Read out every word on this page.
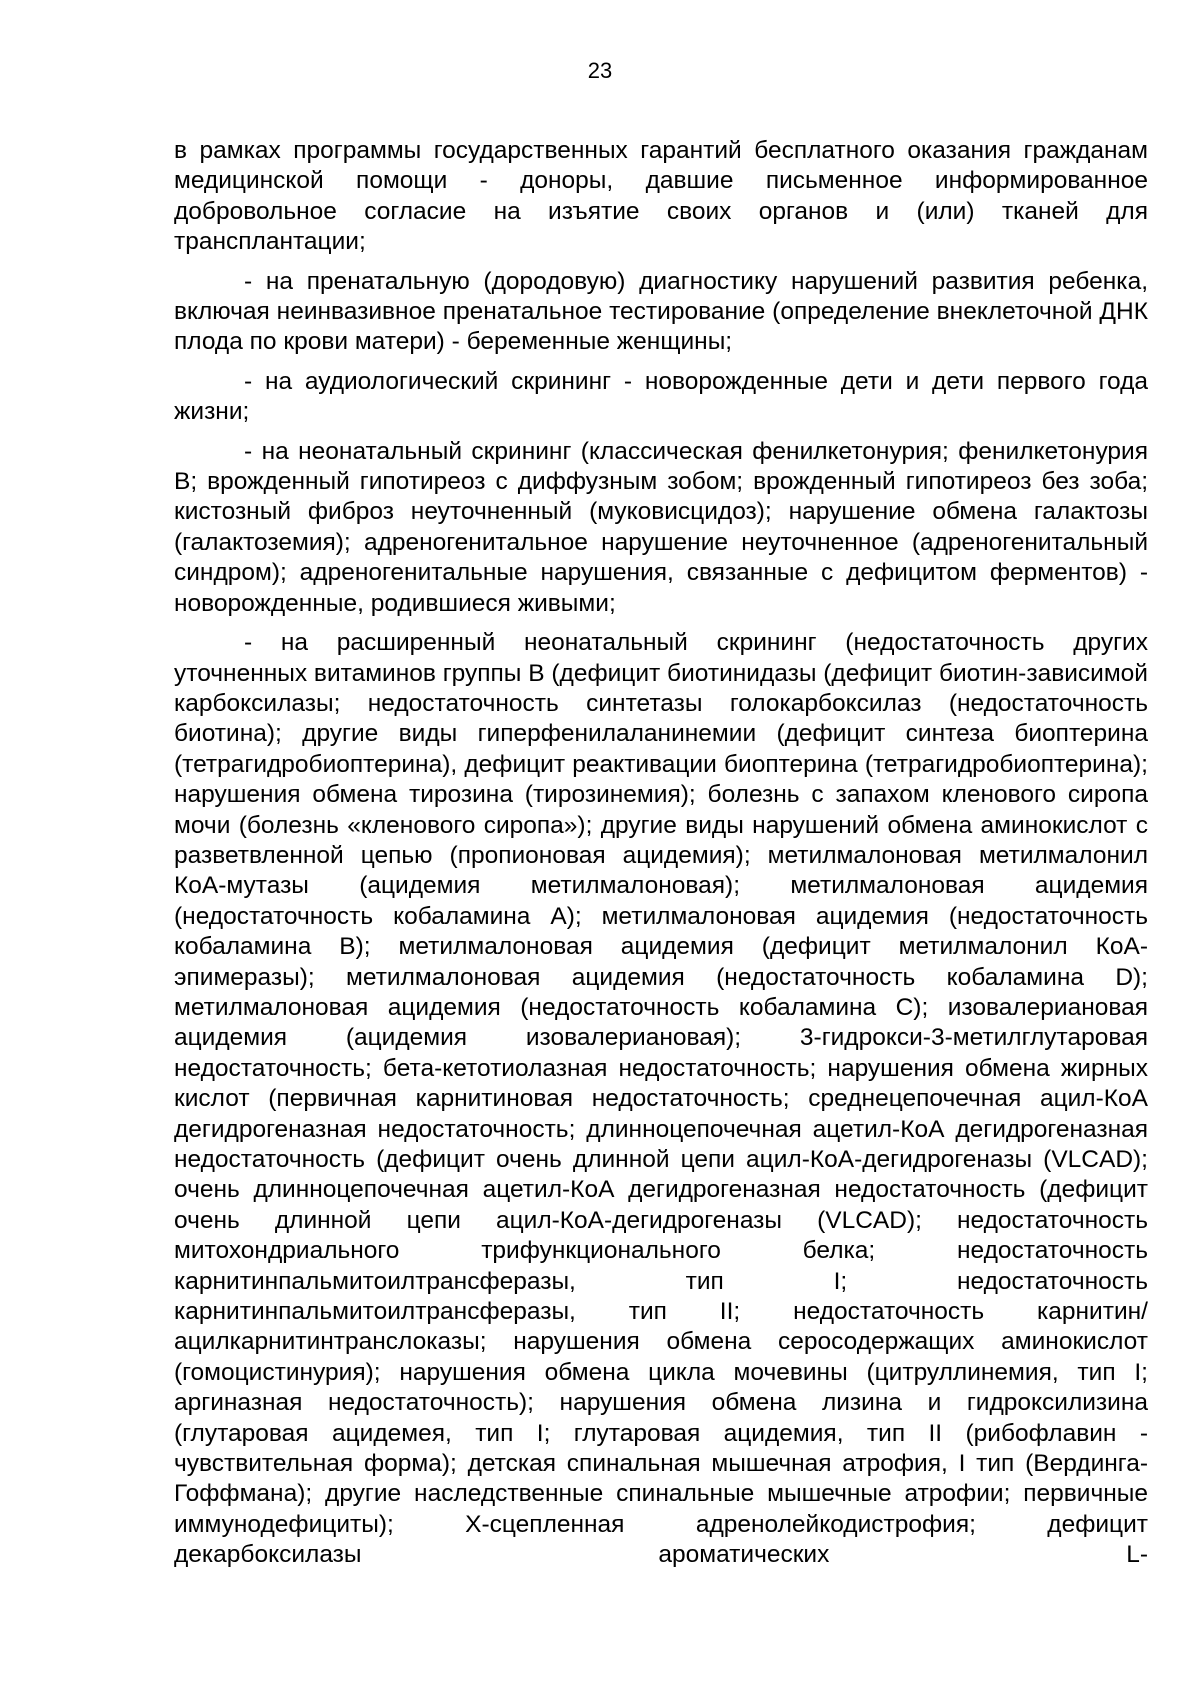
23

в рамках программы государственных гарантий бесплатного оказания гражданам медицинской помощи - доноры, давшие письменное информированное добровольное согласие на изъятие своих органов и (или) тканей для трансплантации;

- на пренатальную (дородовую) диагностику нарушений развития ребенка, включая неинвазивное пренатальное тестирование (определение внеклеточной ДНК плода по крови матери) - беременные женщины;

- на аудиологический скрининг - новорожденные дети и дети первого года жизни;

- на неонатальный скрининг (классическая фенилкетонурия; фенилкетонурия B; врожденный гипотиреоз с диффузным зобом; врожденный гипотиреоз без зоба; кистозный фиброз неуточненный (муковисцидоз); нарушение обмена галактозы (галактоземия); адреногенитальное нарушение неуточненное (адреногенитальный синдром); адреногенитальные нарушения, связанные с дефицитом ферментов) - новорожденные, родившиеся живыми;

- на расширенный неонатальный скрининг (недостаточность других уточненных витаминов группы B (дефицит биотинидазы (дефицит биотин-зависимой карбоксилазы; недостаточность синтетазы голокарбоксилаз (недостаточность биотина); другие виды гиперфенилаланинемии (дефицит синтеза биоптерина (тетрагидробиоптерина), дефицит реактивации биоптерина (тетрагидробиоптерина); нарушения обмена тирозина (тирозинемия); болезнь с запахом кленового сиропа мочи (болезнь «кленового сиропа»); другие виды нарушений обмена аминокислот с разветвленной цепью (пропионовая ацидемия); метилмалоновая метилмалонил КоА-мутазы (ацидемия метилмалоновая); метилмалоновая ацидемия (недостаточность кобаламина A); метилмалоновая ацидемия (недостаточность кобаламина B); метилмалоновая ацидемия (дефицит метилмалонил КоА-эпимеразы); метилмалоновая ацидемия (недостаточность кобаламина D); метилмалоновая ацидемия (недостаточность кобаламина C); изовалериановая ацидемия (ацидемия изовалериановая); 3-гидрокси-3-метилглутаровая недостаточность; бета-кетотиолазная недостаточность; нарушения обмена жирных кислот (первичная карнитиновая недостаточность; среднецепочечная ацил-КоА дегидрогеназная недостаточность; длинноцепочечная ацетил-КоА дегидрогеназная недостаточность (дефицит очень длинной цепи ацил-КоА-дегидрогеназы (VLCAD); очень длинноцепочечная ацетил-КоА дегидрогеназная недостаточность (дефицит очень длинной цепи ацил-КоА-дегидрогеназы (VLCAD); недостаточность митохондриального трифункционального белка; недостаточность карнитинпальмитоилтрансферазы, тип I; недостаточность карнитинпальмитоилтрансферазы, тип II; недостаточность карнитин/ацилкарнитинтранслоказы; нарушения обмена серосодержащих аминокислот (гомоцистинурия); нарушения обмена цикла мочевины (цитруллинемия, тип I; аргиназная недостаточность); нарушения обмена лизина и гидроксилизина (глутаровая ацидемея, тип I; глутаровая ацидемия, тип II (рибофлавин - чувствительная форма); детская спинальная мышечная атрофия, I тип (Вердинга-Гоффмана); другие наследственные спинальные мышечные атрофии; первичные иммунодефициты); X-сцепленная адренолейкодистрофия; дефицит декарбоксилазы ароматических L-
